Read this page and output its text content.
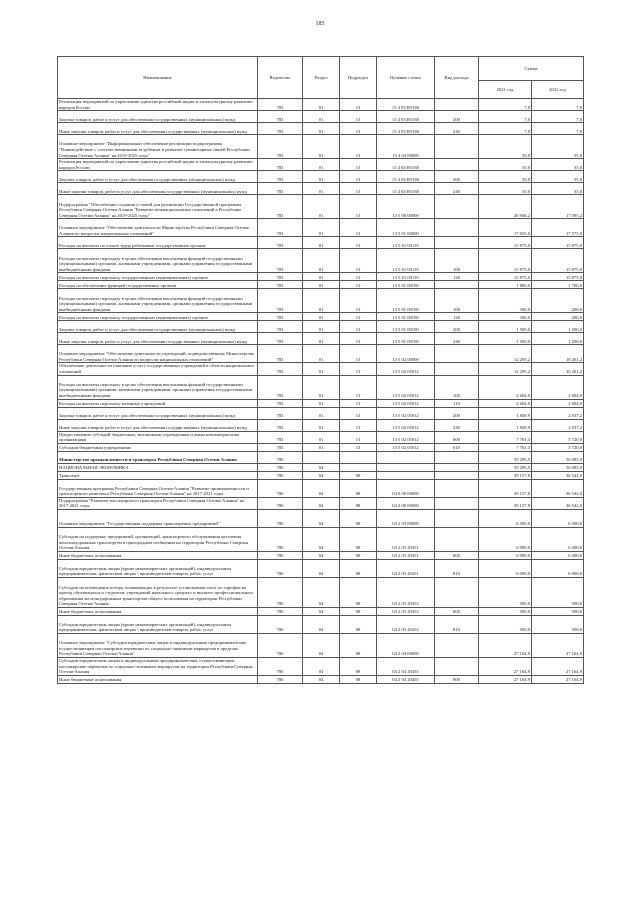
185
Наименование	Ведомство	Раздел	Подраздел	Целевые статьи	Вид расхода	Сумма	
						2021 год	2022 год
Реализация мероприятий по укреплению единства российской нации и этнокультурному развитию народов России	783	01	13	13 4 03 R5160		7,0	7,0
Закупка товаров, работ и услуг для обеспечения государственных (муниципальных) нужд	783	01	13	13 4 03 R5160	200	7,0	7,0
Иные закупки товаров, работ и услуг для обеспечения государственных (муниципальных) нужд	783	01	13	13 4 03 R5160	240	7,0	7,0
Основное мероприятие "Информационное обеспечение реализации подпрограммы "Взаимодействие с соотечественниками за рубежом и развитие гуманитарных связей Республики Северная Осетия-Алания" на 2019-2025 годы"	783	01	13	13 4 04 00000		35,0	35,0
Реализация мероприятий по укреплению единства российской нации и этнокультурному развитию народов России	783	01	13	13 4 04 R5160		35,0	35,0
Закупка товаров, работ и услуг для обеспечения государственных (муниципальных) нужд	783	01	13	13 4 04 R5160	200	35,0	35,0
Иные закупки товаров, работ и услуг для обеспечения государственных (муниципальных) нужд	783	01	13	13 4 04 R5160	240	35,0	35,0
Подпрограмма "Обеспечение создания условий для реализации Государственной программы Республики Северная Осетия-Алания "Развитие межнациональных отношений в Республике Северная Осетия-Алания" на 2019-2025 годы"	783	01	13	13 5 00 00000		26 946,2	17 095,2
Основное мероприятие "Обеспечение деятельности Министерства Республики Северная Осетия-Алания по вопросам национальных отношений"	783	01	13	13 5 01 00000		17 655,0	17 575,0
Расходы на выплаты по оплате труда работников государственных органов	783	01	13	13 5 01 00110		15 875,0	15 875,0
Расходы на выплаты персоналу в целях обеспечения выполнения функций государственными (муниципальными) органами, казенными учреждениями, органами управления государственными внебюджетными фондами	783	01	13	13 5 01 00110	100	15 875,0	15 875,0
Расходы на выплаты персоналу государственных (муниципальных) органов	783	01	13	13 5 01 00110	120	15 875,0	15 875,0
Расходы на обеспечение функций государственных органов	783	01	13	13 5 01 00190		1 800,0	1 700,0
Расходы на выплаты персоналу в целях обеспечения выполнения функций государственными (муниципальными) органами, казенными учреждениями, органами управления государственными внебюджетными фондами	783	01	13	13 5 01 00190	100	300,0	200,0
Расходы на выплаты персоналу государственных (муниципальных) органов	783	01	13	13 5 01 00190	120	300,0	200,0
Закупка товаров, работ и услуг для обеспечения государственных (муниципальных) нужд	783	01	13	13 5 01 00190	200	1 500,0	1 500,0
Иные закупки товаров, работ и услуг для обеспечения государственных (муниципальных) нужд	783	01	13	13 5 01 00190	240	1 500,0	1 500,0
Основное мероприятие "Обеспечение деятельности учреждений, подведомственных Министерству Республики Северная Осетия-Алания по вопросам национальных отношений"	783	01	13	13 5 02 00000		12 295,2	10 261,2
Обеспечение деятельности (оказание услуг) государственных учреждений в области национальных отношений	783	01	13	13 5 02 05012		12 295,2	10 261,2
Расходы на выплаты персоналу в целях обеспечения выполнения функций государственными (муниципальными) органами, казенными учреждениями, органами управления государственными внебюджетными фондами	783	01	13	13 5 02 05012	100	2 604,0	2 604,0
Расходы на выплаты персоналу казенных учреждений	783	01	13	13 5 02 05012	110	2 604,0	2 604,0
Закупка товаров, работ и услуг для обеспечения государственных (муниципальных) нужд	783	01	13	13 5 02 05012	200	1 849,9	2 037,2
Иные закупки товаров, работ и услуг для обеспечения государственных (муниципальных) нужд	783	01	13	13 5 02 05012	240	1 849,9	2 037,2
Предоставление субсидий бюджетным, автономным учреждениям и иным некоммерческим организациям	783	01	13	13 5 02 05012	600	7 761,3	5 720,0
Субсидии бюджетным учреждениям	783	01	13	13 5 02 05012	610	7 761,3	5 720,0
Министерство промышленности и транспорта Республики Северная Осетия-Алания	786					59 290,5	56 085,0
НАЦИОНАЛЬНАЯ ЭКОНОМИКА	786	04				59 290,5	56 085,0
Транспорт	786	04	08			39 157,8	36 542,0
Государственная программа Республики Северная Осетия-Алания "Развитие промышленности и транспортного комплекса Республики Северная Осетия-Алания" на 2017-2021 годы	786	04	08	04 0 00 00000		39 157,8	36 542,0
Подпрограмма "Развитие пассажирского транспорта Республики Северная Осетия-Алания" на 2017-2021 годы	786	04	08	04 2 00 00000		39 157,8	36 542,0
Основное мероприятие "Государственная поддержка транспортных предприятий"	786	04	08	04 2 03 00000		6 500,0	6 500,0
Субсидии на поддержку предприятий, организаций, транспортного обслуживания населения железнодорожным транспортом в пригородном сообщении на территории Республики Северная Осетия-Алания	786	04	08	04 2 03 20451		6 000,0	6 000,0
Иные бюджетные ассигнования	786	04	08	04 2 03 20451	800	6 000,0	6 000,0
Субсидии юридическим лицам (кроме некоммерческих организаций), индивидуальным предпринимателям, физическим лицам - производителям товаров, работ, услуг	786	04	08	04 2 03 20451	810	6 000,0	6 000,0
Субсидии на возмещение потерь, возникающих в результате установления льгот по тарифам на проезд обучающихся и студентов, учреждений начального среднего и высшего профессионального образования железнодорожным транспортом общего пользования на территории Республики Северная Осетия-Алания	786	04	08	04 2 03 20452		500,0	500,0
Иные бюджетные ассигнования	786	04	08	04 2 03 20452	800	500,0	500,0
Субсидии юридическим лицам (кроме некоммерческих организаций), индивидуальным предпринимателям, физическим лицам - производителям товаров, работ, услуг	786	04	08	04 2 03 20452	810	500,0	500,0
Основное мероприятие "Субсидии юридическим лицам и индивидуальным предпринимателям, осуществляющим пассажирские перевозки по социально-значимым маршрутам в пределах Республики Северная Осетия-Алания"	786	04	08	04 2 04 00000		27 164,9	27 164,9
Субсидии юридическим лицам и индивидуальным предпринимателям, осуществляющим пассажирские перевозки по социально-значимым маршрутам на территории Республики Северная Осетия-Алания	786	04	08	04 2 04 20455		27 164,9	27 164,9
Иные бюджетные ассигнования	786	04	08	04 2 04 20455	800	27 164,9	27 164,9
